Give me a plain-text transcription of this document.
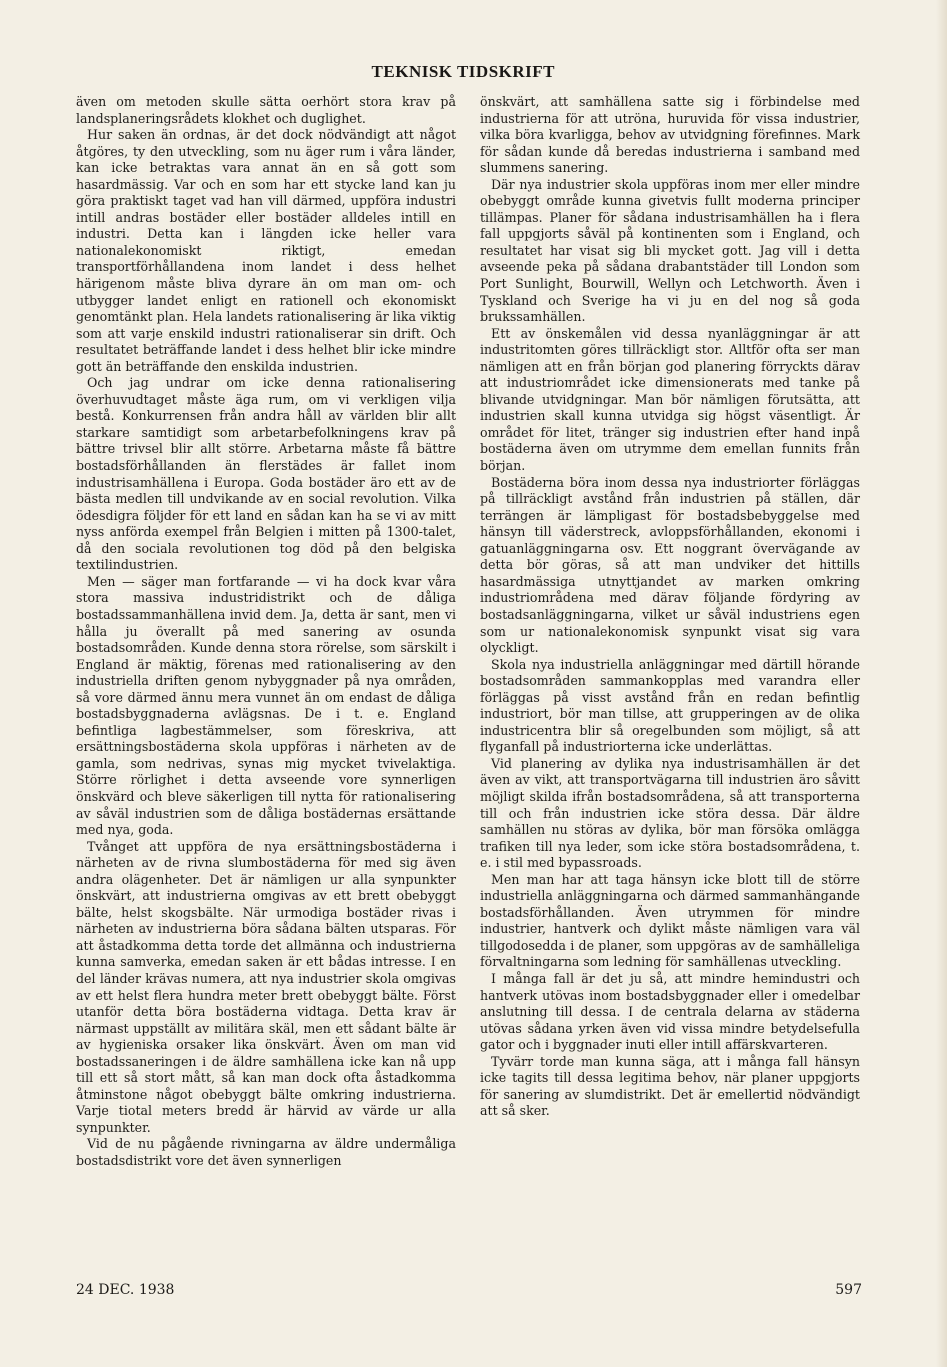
TEKNISK TIDSKRIFT

även om metoden skulle sätta oerhört stora krav på landsplaneringsrådets klokhet och duglighet.

Hur saken än ordnas, är det dock nödvändigt att något åtgöres, ty den utveckling, som nu äger rum i våra länder, kan icke betraktas vara annat än en så gott som hasardmässig. Var och en som har ett stycke land kan ju göra praktiskt taget vad han vill därmed, uppföra industri intill andras bostäder eller bostäder alldeles intill en industri. Detta kan i längden icke heller vara nationalekonomiskt riktigt, emedan transportförhållandena inom landet i dess helhet härigenom måste bliva dyrare än om man om- och utbygger landet enligt en rationell och ekonomiskt genomtänkt plan. Hela landets rationalisering är lika viktig som att varje enskild industri rationaliserar sin drift. Och resultatet beträffande landet i dess helhet blir icke mindre gott än beträffande den enskilda industrien.

Och jag undrar om icke denna rationalisering överhuvudtaget måste äga rum, om vi verkligen vilja bestå. Konkurrensen från andra håll av världen blir allt starkare samtidigt som arbetarbefolkningens krav på bättre trivsel blir allt större. Arbetarna måste få bättre bostadsförhållanden än flerstädes är fallet inom industrisamhällena i Europa. Goda bostäder äro ett av de bästa medlen till undvikande av en social revolution. Vilka ödesdigra följder för ett land en sådan kan ha se vi av mitt nyss anförda exempel från Belgien i mitten på 1300-talet, då den sociala revolutionen tog död på den belgiska textilindustrien.

Men — säger man fortfarande — vi ha dock kvar våra stora massiva industridistrikt och de dåliga bostadssammanhällena invid dem. Ja, detta är sant, men vi hålla ju överallt på med sanering av osunda bostadsområden. Kunde denna stora rörelse, som särskilt i England är mäktig, förenas med rationalisering av den industriella driften genom nybyggnader på nya områden, så vore därmed ännu mera vunnet än om endast de dåliga bostadsbyggnaderna avlägsnas. De i t. e. England befintliga lagbestämmelser, som föreskriva, att ersättningsbostäderna skola uppföras i närheten av de gamla, som nedrivas, synas mig mycket tvivelaktiga. Större rörlighet i detta avseende vore synnerligen önskvärd och bleve säkerligen till nytta för rationalisering av såväl industrien som de dåliga bostädernas ersättande med nya, goda.

Tvånget att uppföra de nya ersättningsbostäderna i närheten av de rivna slumbostäderna för med sig även andra olägenheter. Det är nämligen ur alla synpunkter önskvärt, att industrierna omgivas av ett brett obebyggt bälte, helst skogsbälte. När urmodiga bostäder rivas i närheten av industrierna böra sådana bälten utsparas. För att åstadkomma detta torde det allmänna och industrierna kunna samverka, emedan saken är ett bådas intresse. I en del länder krävas numera, att nya industrier skola omgivas av ett helst flera hundra meter brett obebyggt bälte. Först utanför detta böra bostäderna vidtaga. Detta krav är närmast uppställt av militära skäl, men ett sådant bälte är av hygieniska orsaker lika önskvärt. Även om man vid bostadssaneringen i de äldre samhällena icke kan nå upp till ett så stort mått, så kan man dock ofta åstadkomma åtminstone något obebyggt bälte omkring industrierna. Varje tiotal meters bredd är härvid av värde ur alla synpunkter.

Vid de nu pågående rivningarna av äldre undermåliga bostadsdistrikt vore det även synnerligen

önskvärt, att samhällena satte sig i förbindelse med industrierna för att utröna, huruvida för vissa industrier, vilka böra kvarligga, behov av utvidgning förefinnes. Mark för sådan kunde då beredas industrierna i samband med slummens sanering.

Där nya industrier skola uppföras inom mer eller mindre obebyggt område kunna givetvis fullt moderna principer tillämpas. Planer för sådana industrisamhällen ha i flera fall uppgjorts såväl på kontinenten som i England, och resultatet har visat sig bli mycket gott. Jag vill i detta avseende peka på sådana drabantstäder till London som Port Sunlight, Bourwill, Wellyn och Letchworth. Även i Tyskland och Sverige ha vi ju en del nog så goda brukssamhällen.

Ett av önskemålen vid dessa nyanläggningar är att industritomten göres tillräckligt stor. Alltför ofta ser man nämligen att en från början god planering förryckts därav att industriområdet icke dimensionerats med tanke på blivande utvidgningar. Man bör nämligen förutsätta, att industrien skall kunna utvidga sig högst väsentligt. Är området för litet, tränger sig industrien efter hand inpå bostäderna även om utrymme dem emellan funnits från början.

Bostäderna böra inom dessa nya industriorter förläggas på tillräckligt avstånd från industrien på ställen, där terrängen är lämpligast för bostadsbebyggelse med hänsyn till väderstreck, avloppsförhållanden, ekonomi i gatuanläggningarna osv. Ett noggrant övervägande av detta bör göras, så att man undviker det hittills hasardmässiga utnyttjandet av marken omkring industriområdena med därav följande fördyring av bostadsanläggningarna, vilket ur såväl industriens egen som ur nationalekonomisk synpunkt visat sig vara olyckligt.

Skola nya industriella anläggningar med därtill hörande bostadsområden sammankopplas med varandra eller förläggas på visst avstånd från en redan befintlig industriort, bör man tillse, att grupperingen av de olika industricentra blir så oregelbunden som möjligt, så att flyganfall på industriorterna icke underlättas.

Vid planering av dylika nya industrisamhällen är det även av vikt, att transportvägarna till industrien äro såvitt möjligt skilda ifrån bostadsområdena, så att transporterna till och från industrien icke störa dessa. Där äldre samhällen nu störas av dylika, bör man försöka omlägga trafiken till nya leder, som icke störa bostadsområdena, t. e. i stil med bypassroads.

Men man har att taga hänsyn icke blott till de större industriella anläggningarna och därmed sammanhängande bostadsförhållanden. Även utrymmen för mindre industrier, hantverk och dylikt måste nämligen vara väl tillgodosedda i de planer, som uppgöras av de samhälleliga förvaltningarna som ledning för samhällenas utveckling.

I många fall är det ju så, att mindre hemindustri och hantverk utövas inom bostadsbyggnader eller i omedelbar anslutning till dessa. I de centrala delarna av städerna utövas sådana yrken även vid vissa mindre betydelsefulla gator och i byggnader inuti eller intill affärskvarteren.

Tyvärr torde man kunna säga, att i många fall hänsyn icke tagits till dessa legitima behov, när planer uppgjorts för sanering av slumdistrikt. Det är emellertid nödvändigt att så sker.

24 DEC. 1938	597
